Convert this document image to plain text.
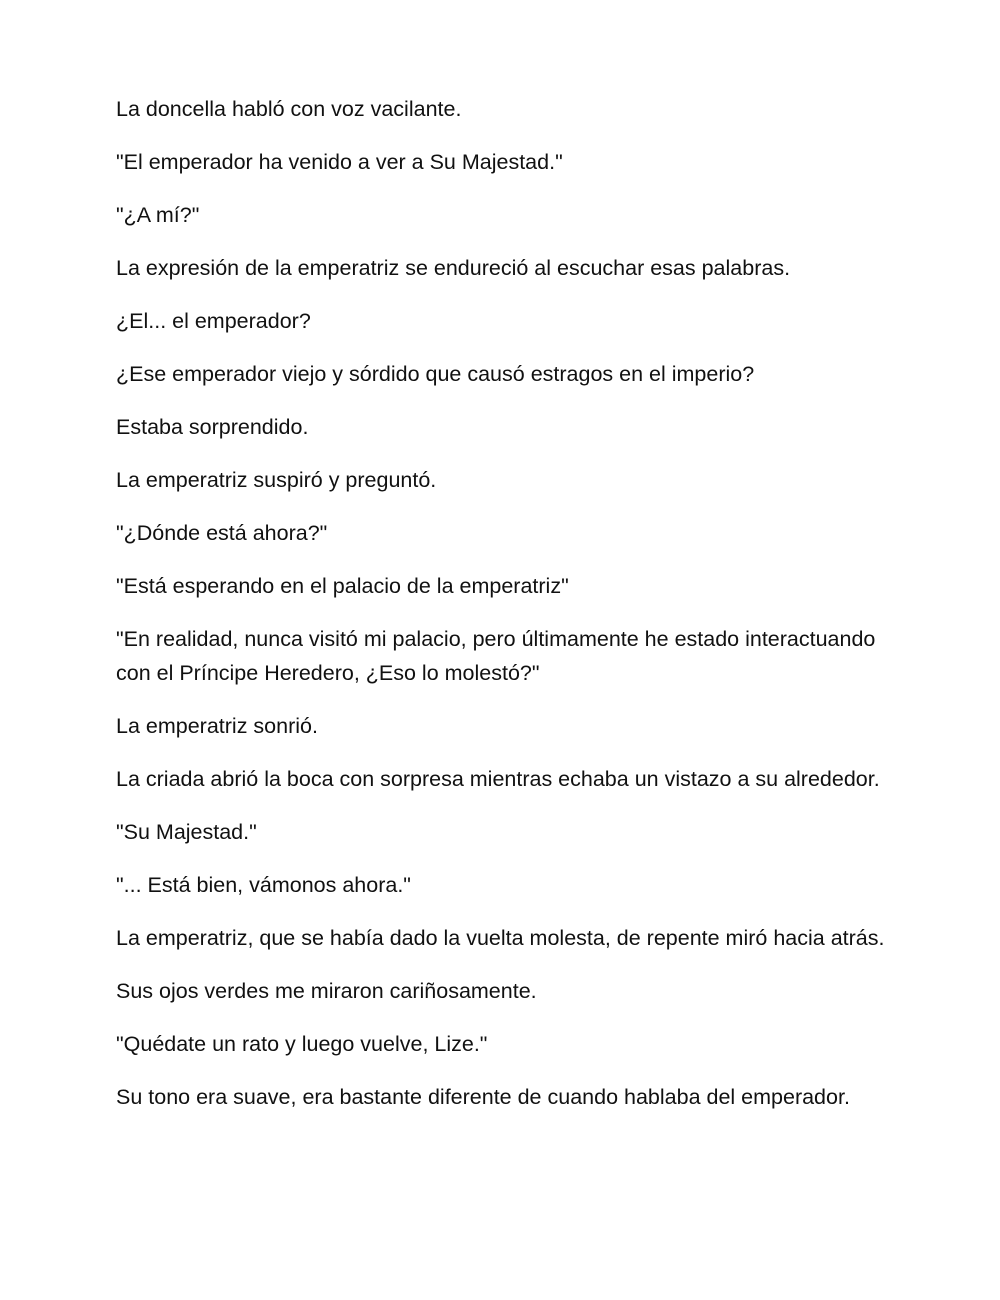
La doncella habló con voz vacilante.

"El emperador ha venido a ver a Su Majestad."

"¿A mí?"

La expresión de la emperatriz se endureció al escuchar esas palabras.

¿El... el emperador?

¿Ese emperador viejo y sórdido que causó estragos en el imperio?

Estaba sorprendido.

La emperatriz suspiró y preguntó.

"¿Dónde está ahora?"

"Está esperando en el palacio de la emperatriz"

"En realidad, nunca visitó mi palacio, pero últimamente he estado interactuando con el Príncipe Heredero, ¿Eso lo molestó?"

La emperatriz sonrió.

La criada abrió la boca con sorpresa mientras echaba un vistazo a su alrededor.

"Su Majestad."

"... Está bien, vámonos ahora."

La emperatriz, que se había dado la vuelta molesta, de repente miró hacia atrás.

Sus ojos verdes me miraron cariñosamente.

"Quédate un rato y luego vuelve, Lize."

Su tono era suave, era bastante diferente de cuando hablaba del emperador.
